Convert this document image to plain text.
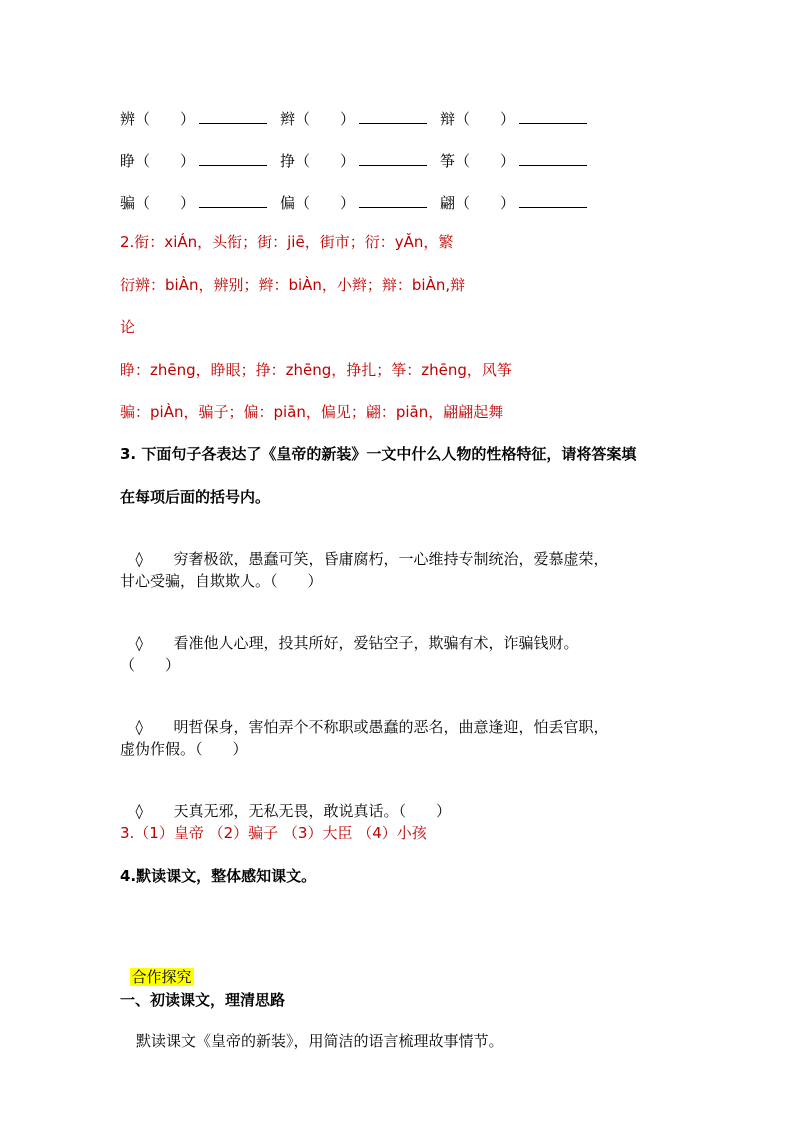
辨（　　）	辫（　　）	辩（　　）
睁（　　）	挣（　　）	筝（　　）
骗（　　）	偏（　　）	翩（　　）
2.衔：xiÁn，头衔；街：jiē，街市；衍：yǍn，繁
衍辨：biÀn，辨别；辫：biÀn，小辫；辩：biÀn,辩
论
睁：zhēng，睁眼；挣：zhēng，挣扎；筝：zhēng，风筝
骗：piÀn，骗子；偏：piān，偏见；翩：piān，翩翩起舞
3. 下面句子各表达了《皇帝的新装》一文中什么人物的性格特征，请将答案填
在每项后面的括号内。

◊ 穷奢极欲，愚蠢可笑，昏庸腐朽，一心维持专制统治，爱慕虚荣，

甘心受骗，自欺欺人。（　　）

◊ 看准他人心理，投其所好，爱钻空子，欺骗有术，诈骗钱财。

（　　）

◊ 明哲保身，害怕弄个不称职或愚蠢的恶名，曲意逢迎，怕丢官职，

虚伪作假。（　　）

◊ 天真无邪，无私无畏，敢说真话。（　　）

3.（1）皇帝 （2）骗子 （3）大臣 （4）小孩
4.默读课文，整体感知课文。

合作探究

一、初读课文，理清思路
默读课文《皇帝的新装》，用简洁的语言梳理故事情节。
